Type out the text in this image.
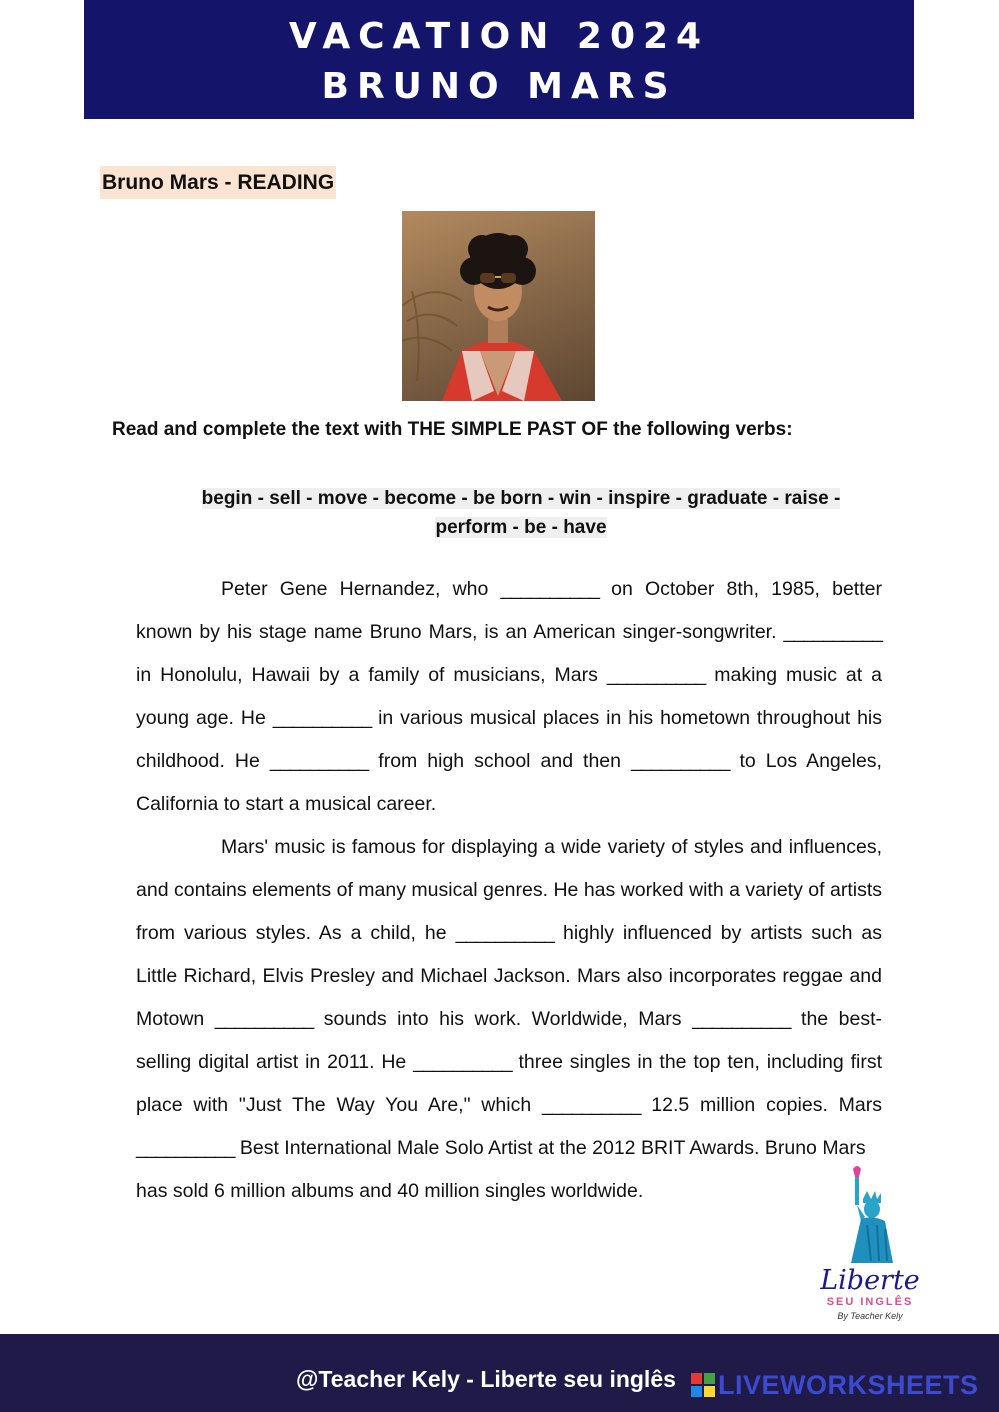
VACATION 2024
BRUNO MARS
Bruno Mars - READING
Read and complete the text with THE SIMPLE PAST OF the following verbs:
begin - sell - move - become - be born - win - inspire - graduate - raise -
perform - be - have

Peter Gene Hernandez, who __________ on October 8th, 1985, better known by his stage name Bruno Mars, is an American singer-songwriter. __________ in Honolulu, Hawaii by a family of musicians, Mars __________ making music at a young age. He __________ in various musical places in his hometown throughout his childhood. He __________ from high school and then __________ to Los Angeles, California to start a musical career.

Mars' music is famous for displaying a wide variety of styles and influences, and contains elements of many musical genres. He has worked with a variety of artists from various styles. As a child, he __________ highly influenced by artists such as Little Richard, Elvis Presley and Michael Jackson. Mars also incorporates reggae and Motown __________ sounds into his work. Worldwide, Mars __________ the best-selling digital artist in 2011. He __________ three singles in the top ten, including first place with "Just The Way You Are," which __________ 12.5 million copies. Mars __________ Best International Male Solo Artist at the 2012 BRIT Awards. Bruno Mars
has sold 6 million albums and 40 million singles worldwide.

Liberte
SEU INGLÊS
By Teacher Kely
@Teacher Kely - Liberte seu inglês LIVEWORKSHEETS
